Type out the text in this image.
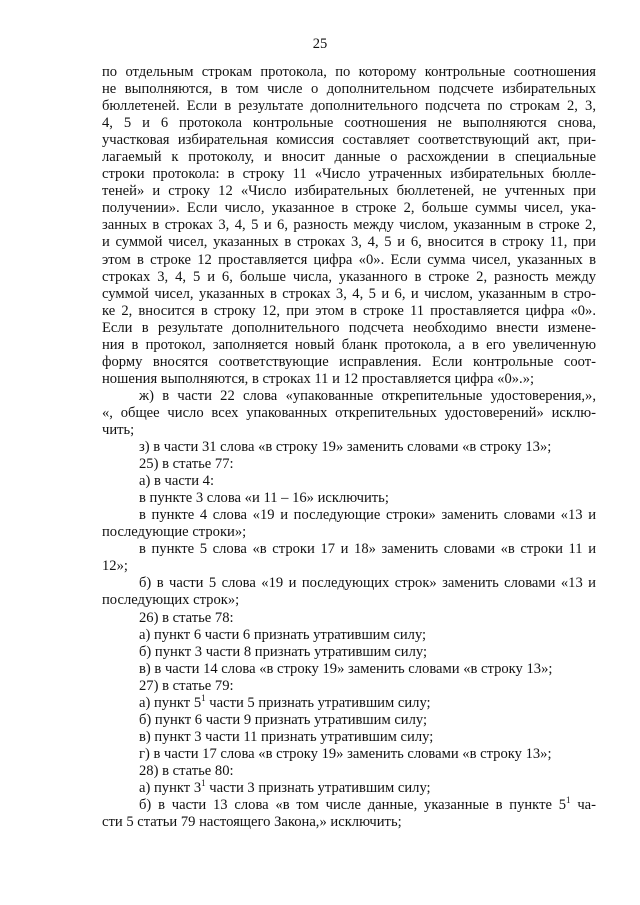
25
по отдельным строкам протокола, по которому контрольные соотношения
не выполняются, в том числе о дополнительном подсчете избирательных
бюллетеней. Если в результате дополнительного подсчета по строкам 2, 3,
4, 5 и 6 протокола контрольные соотношения не выполняются снова,
участковая избирательная комиссия составляет соответствующий акт, при-
лагаемый к протоколу, и вносит данные о расхождении в специальные
строки протокола: в строку 11 «Число утраченных избирательных бюлле-
теней» и строку 12 «Число избирательных бюллетеней, не учтенных при
получении». Если число, указанное в строке 2, больше суммы чисел, ука-
занных в строках 3, 4, 5 и 6, разность между числом, указанным в строке 2,
и суммой чисел, указанных в строках 3, 4, 5 и 6, вносится в строку 11, при
этом в строке 12 проставляется цифра «0». Если сумма чисел, указанных в
строках 3, 4, 5 и 6, больше числа, указанного в строке 2, разность между
суммой чисел, указанных в строках 3, 4, 5 и 6, и числом, указанным в стро-
ке 2, вносится в строку 12, при этом в строке 11 проставляется цифра «0».
Если в результате дополнительного подсчета необходимо внести измене-
ния в протокол, заполняется новый бланк протокола, а в его увеличенную
форму вносятся соответствующие исправления. Если контрольные соот-
ношения выполняются, в строках 11 и 12 проставляется цифра «0».»;
ж) в части 22 слова «упакованные открепительные удостоверения,»,
«, общее число всех упакованных открепительных удостоверений» исклю-
чить;
з) в части 31 слова «в строку 19» заменить словами «в строку 13»;
25) в статье 77:
а) в части 4:
в пункте 3 слова «и 11 – 16» исключить;
в пункте 4 слова «19 и последующие строки» заменить словами «13 и
последующие строки»;
в пункте 5 слова «в строки 17 и 18» заменить словами «в строки 11 и
12»;
б) в части 5 слова «19 и последующих строк» заменить словами «13 и
последующих строк»;
26) в статье 78:
а) пункт 6 части 6 признать утратившим силу;
б) пункт 3 части 8 признать утратившим силу;
в) в части 14 слова «в строку 19» заменить словами «в строку 13»;
27) в статье 79:
а) пункт $5^1$ части 5 признать утратившим силу;
б) пункт 6 части 9 признать утратившим силу;
в) пункт 3 части 11 признать утратившим силу;
г) в части 17 слова «в строку 19» заменить словами «в строку 13»;
28) в статье 80:
а) пункт $3^1$ части 3 признать утратившим силу;
б) в части 13 слова «в том числе данные, указанные в пункте $5^1$ ча-
сти 5 статьи 79 настоящего Закона,» исключить;
